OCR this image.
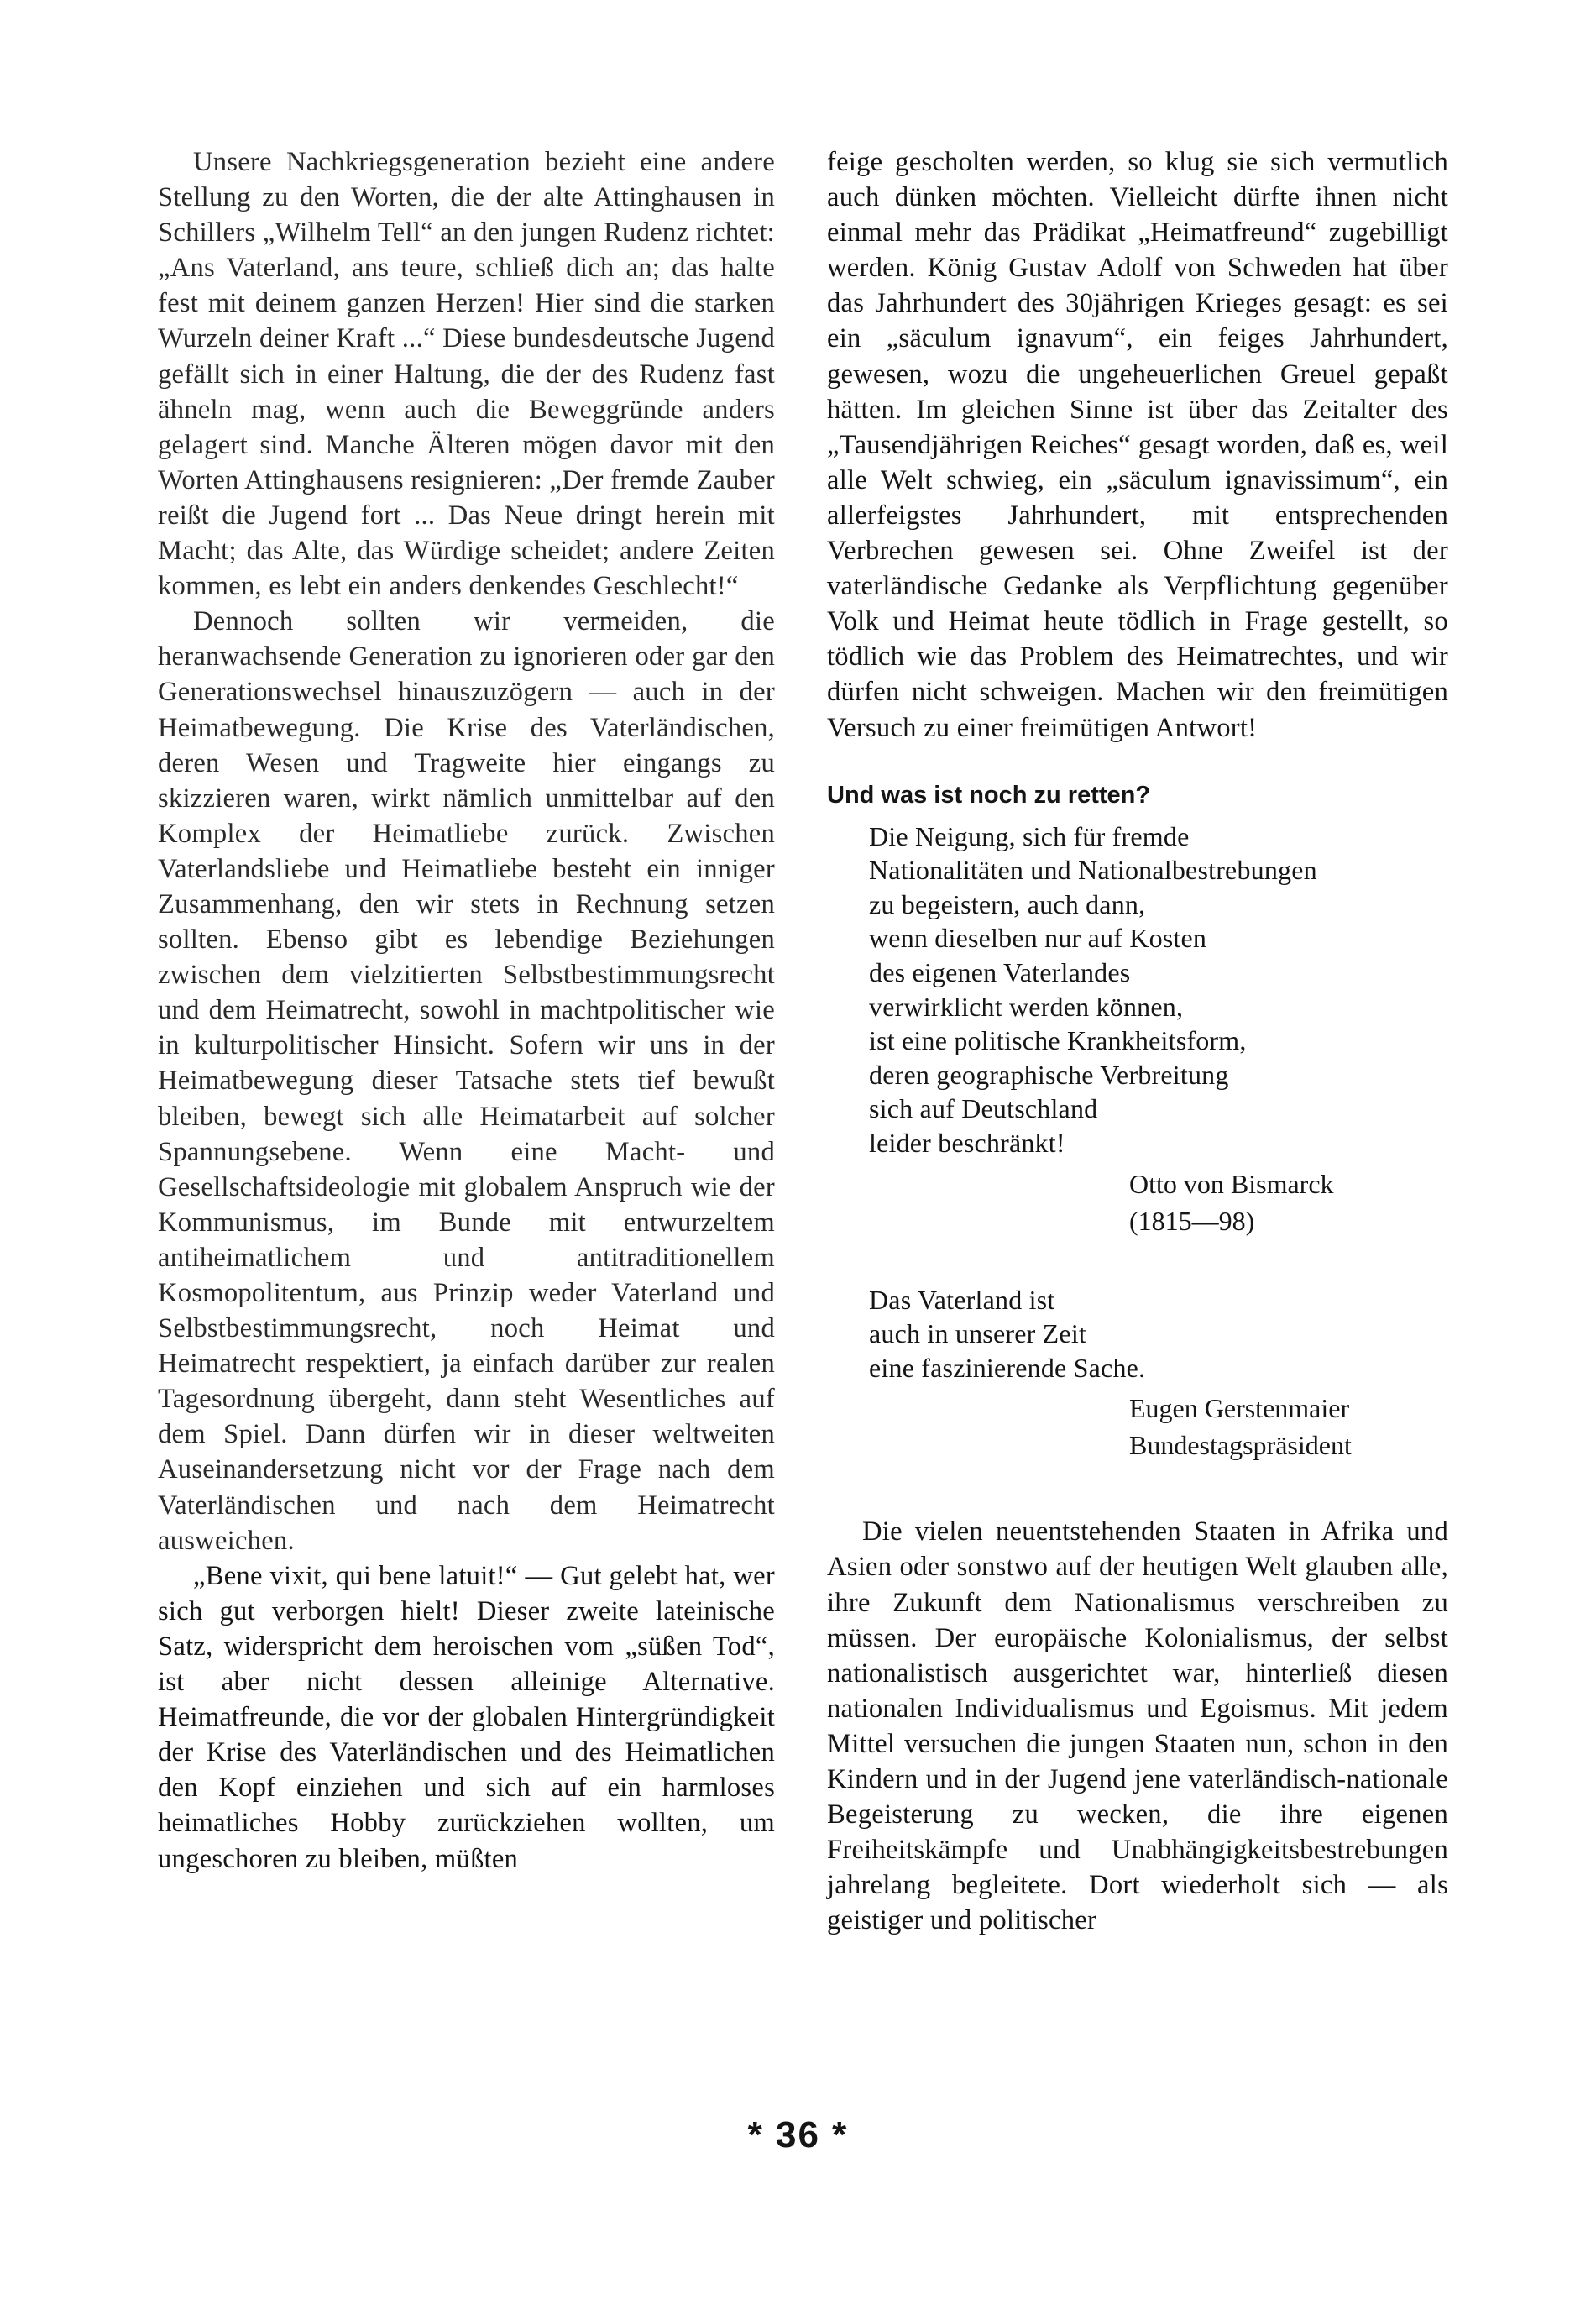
Unsere Nachkriegsgeneration bezieht eine andere Stellung zu den Worten, die der alte Attinghausen in Schillers „Wilhelm Tell“ an den jungen Rudenz richtet: „Ans Vaterland, ans teure, schließ dich an; das halte fest mit deinem ganzen Herzen! Hier sind die starken Wurzeln deiner Kraft ...“ Diese bundesdeutsche Jugend gefällt sich in einer Haltung, die der des Rudenz fast ähneln mag, wenn auch die Beweggründe anders gelagert sind. Manche Älteren mögen davor mit den Worten Attinghausens resignieren: „Der fremde Zauber reißt die Jugend fort ... Das Neue dringt herein mit Macht; das Alte, das Würdige scheidet; andere Zeiten kommen, es lebt ein anders denkendes Geschlecht!“

Dennoch sollten wir vermeiden, die heranwachsende Generation zu ignorieren oder gar den Generationswechsel hinauszuzögern — auch in der Heimatbewegung. Die Krise des Vaterländischen, deren Wesen und Tragweite hier eingangs zu skizzieren waren, wirkt nämlich unmittelbar auf den Komplex der Heimatliebe zurück. Zwischen Vaterlandsliebe und Heimatliebe besteht ein inniger Zusammenhang, den wir stets in Rechnung setzen sollten. Ebenso gibt es lebendige Beziehungen zwischen dem vielzitierten Selbstbestimmungsrecht und dem Heimatrecht, sowohl in machtpolitischer wie in kulturpolitischer Hinsicht. Sofern wir uns in der Heimatbewegung dieser Tatsache stets tief bewußt bleiben, bewegt sich alle Heimatarbeit auf solcher Spannungsebene. Wenn eine Macht- und Gesellschaftsideologie mit globalem Anspruch wie der Kommunismus, im Bunde mit entwurzeltem antiheimatlichem und antitraditionellem Kosmopolitentum, aus Prinzip weder Vaterland und Selbstbestimmungsrecht, noch Heimat und Heimatrecht respektiert, ja einfach darüber zur realen Tagesordnung übergeht, dann steht Wesentliches auf dem Spiel. Dann dürfen wir in dieser weltweiten Auseinandersetzung nicht vor der Frage nach dem Vaterländischen und nach dem Heimatrecht ausweichen.

„Bene vixit, qui bene latuit!“ — Gut gelebt hat, wer sich gut verborgen hielt! Dieser zweite lateinische Satz, widerspricht dem heroischen vom „süßen Tod“, ist aber nicht dessen alleinige Alternative. Heimatfreunde, die vor der globalen Hintergründigkeit der Krise des Vaterländischen und des Heimatlichen den Kopf einziehen und sich auf ein harmloses heimatliches Hobby zurückziehen wollten, um ungeschoren zu bleiben, müßten

feige gescholten werden, so klug sie sich vermutlich auch dünken möchten. Vielleicht dürfte ihnen nicht einmal mehr das Prädikat „Heimatfreund“ zugebilligt werden. König Gustav Adolf von Schweden hat über das Jahrhundert des 30jährigen Krieges gesagt: es sei ein „säculum ignavum“, ein feiges Jahrhundert, gewesen, wozu die ungeheuerlichen Greuel gepaßt hätten. Im gleichen Sinne ist über das Zeitalter des „Tausendjährigen Reiches“ gesagt worden, daß es, weil alle Welt schwieg, ein „säculum ignavissimum“, ein allerfeigstes Jahrhundert, mit entsprechenden Verbrechen gewesen sei. Ohne Zweifel ist der vaterländische Gedanke als Verpflichtung gegenüber Volk und Heimat heute tödlich in Frage gestellt, so tödlich wie das Problem des Heimatrechtes, und wir dürfen nicht schweigen. Machen wir den freimütigen Versuch zu einer freimütigen Antwort!

Und was ist noch zu retten?
Die Neigung, sich für fremde
Nationalitäten und Nationalbestrebungen
zu begeistern, auch dann,
wenn dieselben nur auf Kosten
des eigenen Vaterlandes
verwirklicht werden können,
ist eine politische Krankheitsform,
deren geographische Verbreitung
sich auf Deutschland
leider beschränkt!
Otto von Bismarck
(1815—98)
Das Vaterland ist
auch in unserer Zeit
eine faszinierende Sache.
Eugen Gerstenmaier
Bundestagspräsident

Die vielen neuentstehenden Staaten in Afrika und Asien oder sonstwo auf der heutigen Welt glauben alle, ihre Zukunft dem Nationalismus verschreiben zu müssen. Der europäische Kolonialismus, der selbst nationalistisch ausgerichtet war, hinterließ diesen nationalen Individualismus und Egoismus. Mit jedem Mittel versuchen die jungen Staaten nun, schon in den Kindern und in der Jugend jene vaterländisch-nationale Begeisterung zu wecken, die ihre eigenen Freiheitskämpfe und Unabhängigkeitsbestrebungen jahrelang begleitete. Dort wiederholt sich — als geistiger und politischer

* 36 *
